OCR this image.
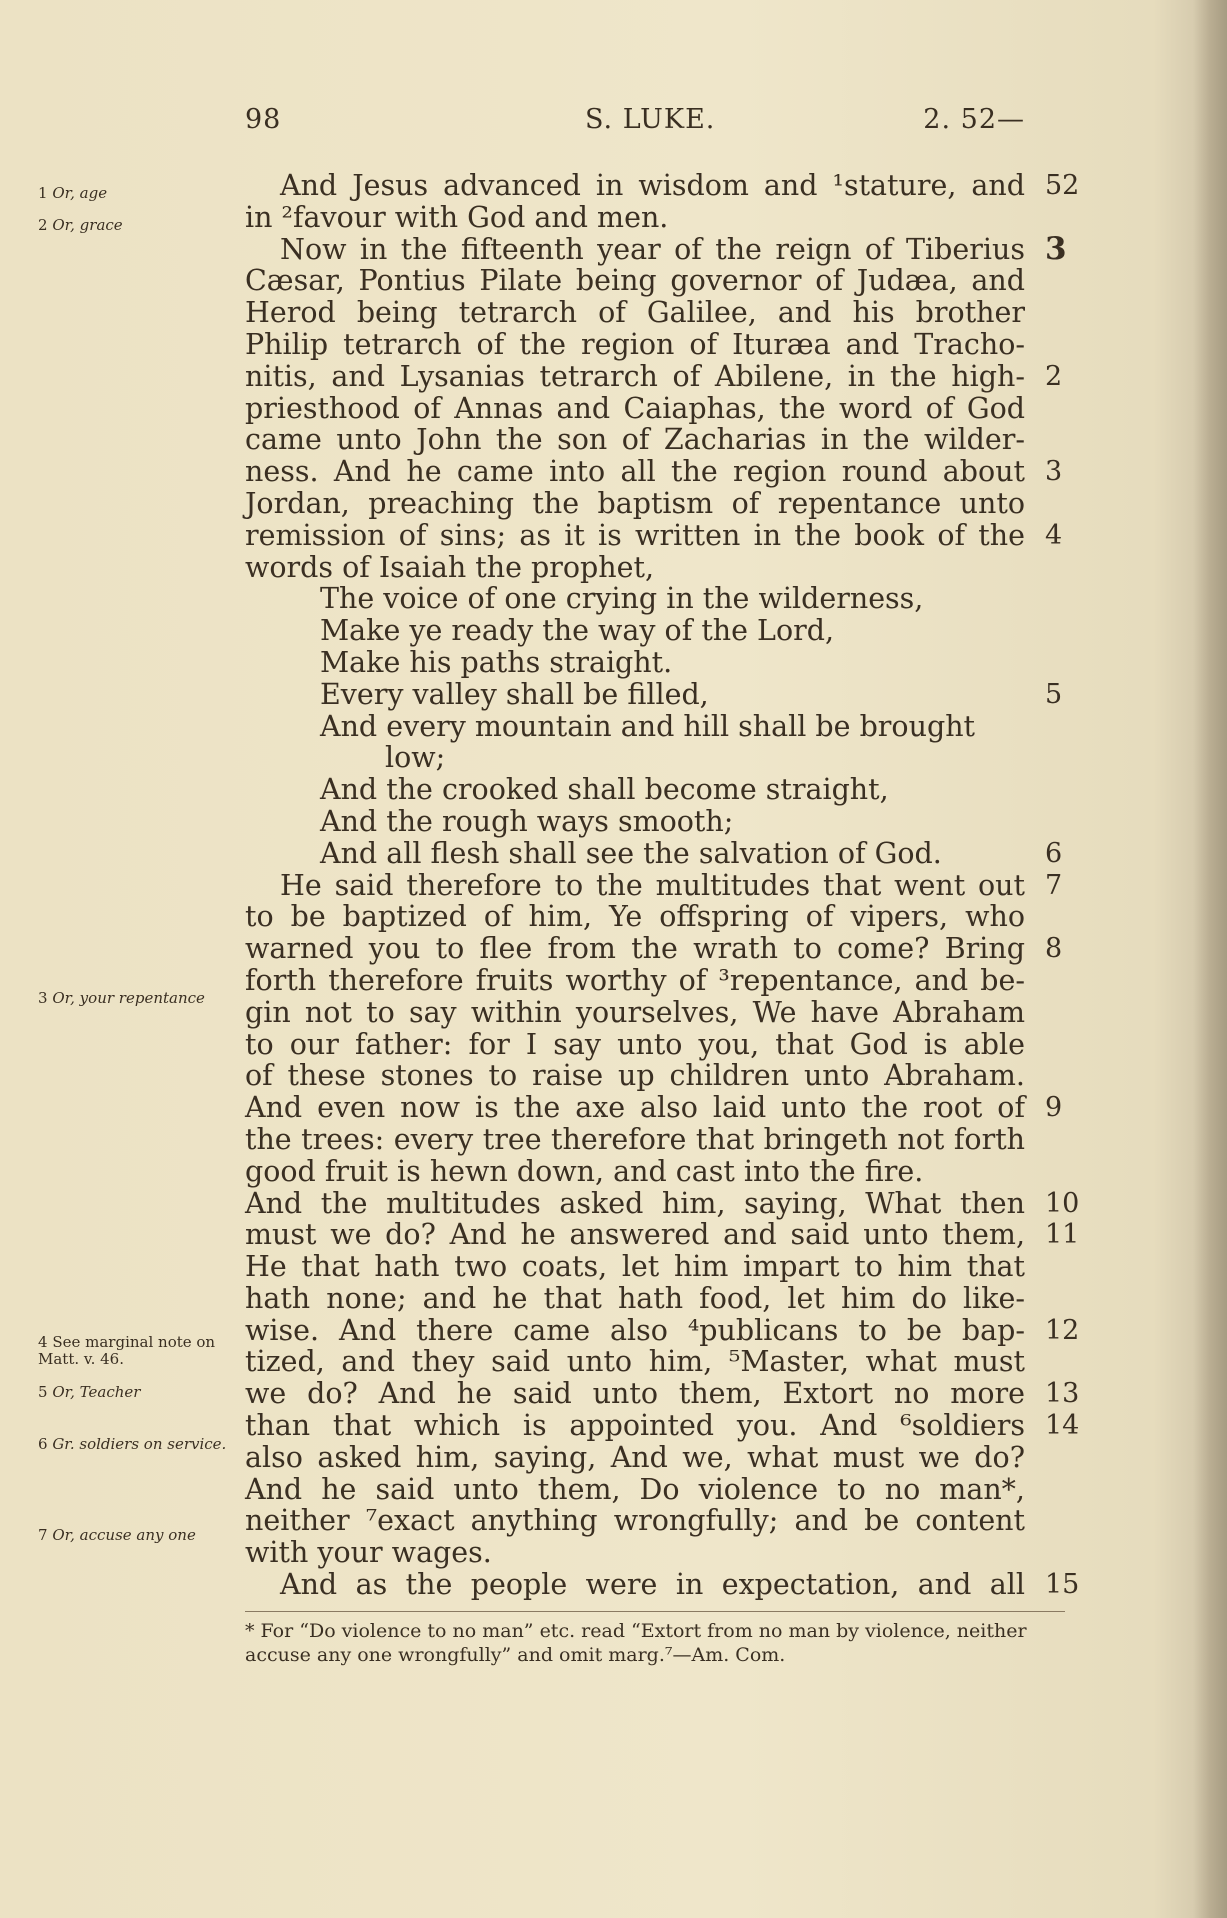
98	S. LUKE.	2. 52—
1 Or, age
2 Or, grace
3 Or, your repentance
4 See marginal note on Matt. v. 46.
5 Or, Teacher
6 Gr. soldiers on service.
7 Or, accuse any one
And Jesus advanced in wisdom and ¹stature, and 52
in ²favour with God and men.
Now in the fifteenth year of the reign of Tiberius 3
Cæsar, Pontius Pilate being governor of Judæa, and
Herod being tetrarch of Galilee, and his brother
Philip tetrarch of the region of Ituræa and Tracho-
nitis, and Lysanias tetrarch of Abilene, in the high- 2
priesthood of Annas and Caiaphas, the word of God
came unto John the son of Zacharias in the wilder-
ness. And he came into all the region round about 3
Jordan, preaching the baptism of repentance unto
remission of sins; as it is written in the book of the 4
words of Isaiah the prophet,
The voice of one crying in the wilderness,
Make ye ready the way of the Lord,
Make his paths straight.
Every valley shall be filled,	5
And every mountain and hill shall be brought
low;
And the crooked shall become straight,
And the rough ways smooth;
And all flesh shall see the salvation of God.	6
He said therefore to the multitudes that went out 7
to be baptized of him, Ye offspring of vipers, who
warned you to flee from the wrath to come? Bring 8
forth therefore fruits worthy of ³repentance, and be-
gin not to say within yourselves, We have Abraham
to our father: for I say unto you, that God is able
of these stones to raise up children unto Abraham.
And even now is the axe also laid unto the root of 9
the trees: every tree therefore that bringeth not forth
good fruit is hewn down, and cast into the fire.
And the multitudes asked him, saying, What then 10
must we do? And he answered and said unto them, 11
He that hath two coats, let him impart to him that
hath none; and he that hath food, let him do like-
wise. And there came also ⁴publicans to be bap- 12
tized, and they said unto him, ⁵Master, what must
we do? And he said unto them, Extort no more 13
than that which is appointed you. And ⁶soldiers 14
also asked him, saying, And we, what must we do?
And he said unto them, Do violence to no man*,
neither ⁷exact anything wrongfully; and be content
with your wages.
And as the people were in expectation, and all 15
* For “Do violence to no man” etc. read “Extort from no man by violence, neither accuse any one wrongfully” and omit marg.⁷—Am. Com.
